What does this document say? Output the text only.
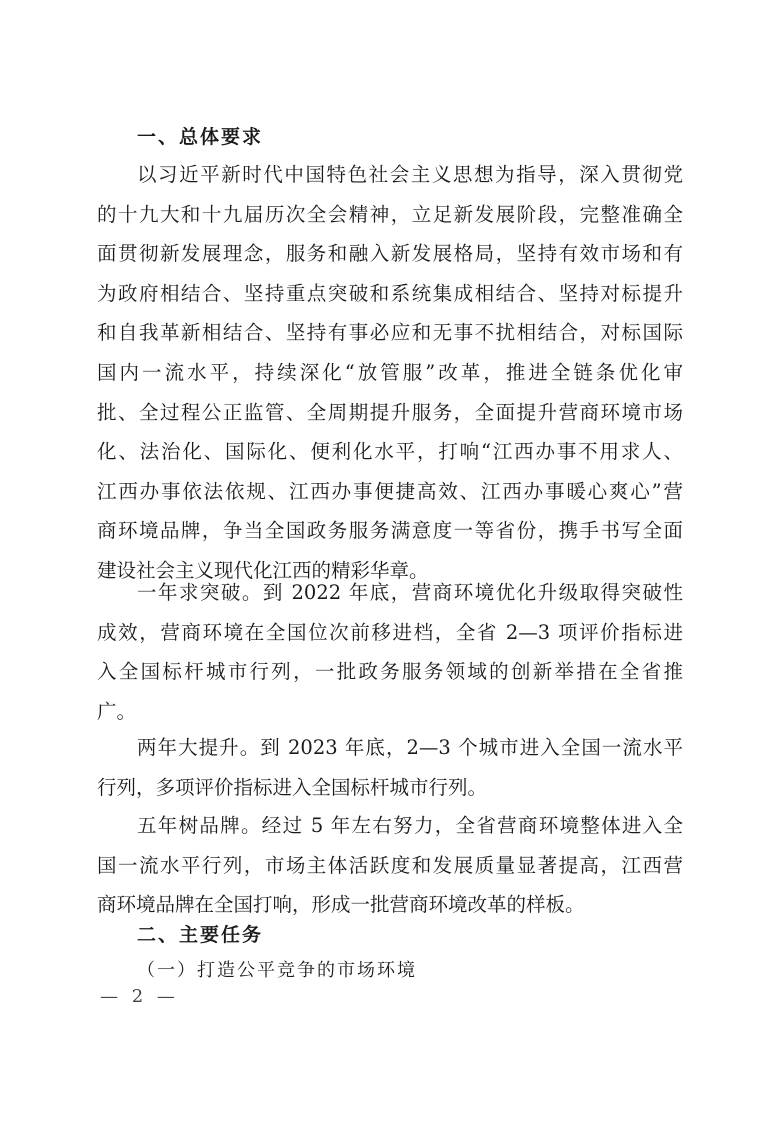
一、总体要求
以习近平新时代中国特色社会主义思想为指导，深入贯彻党
的十九大和十九届历次全会精神，立足新发展阶段，完整准确全
面贯彻新发展理念，服务和融入新发展格局，坚持有效市场和有
为政府相结合、坚持重点突破和系统集成相结合、坚持对标提升
和自我革新相结合、坚持有事必应和无事不扰相结合，对标国际
国内一流水平，持续深化“放管服”改革，推进全链条优化审
批、全过程公正监管、全周期提升服务，全面提升营商环境市场
化、法治化、国际化、便利化水平，打响“江西办事不用求人、
江西办事依法依规、江西办事便捷高效、江西办事暖心爽心”营
商环境品牌，争当全国政务服务满意度一等省份，携手书写全面
建设社会主义现代化江西的精彩华章。
一年求突破。到 2022 年底，营商环境优化升级取得突破性
成效，营商环境在全国位次前移进档，全省 2—3 项评价指标进
入全国标杆城市行列，一批政务服务领域的创新举措在全省推
广。
两年大提升。到 2023 年底，2—3 个城市进入全国一流水平
行列，多项评价指标进入全国标杆城市行列。
五年树品牌。经过 5 年左右努力，全省营商环境整体进入全
国一流水平行列，市场主体活跃度和发展质量显著提高，江西营
商环境品牌在全国打响，形成一批营商环境改革的样板。
二、主要任务
（一）打造公平竞争的市场环境
— 2 —
